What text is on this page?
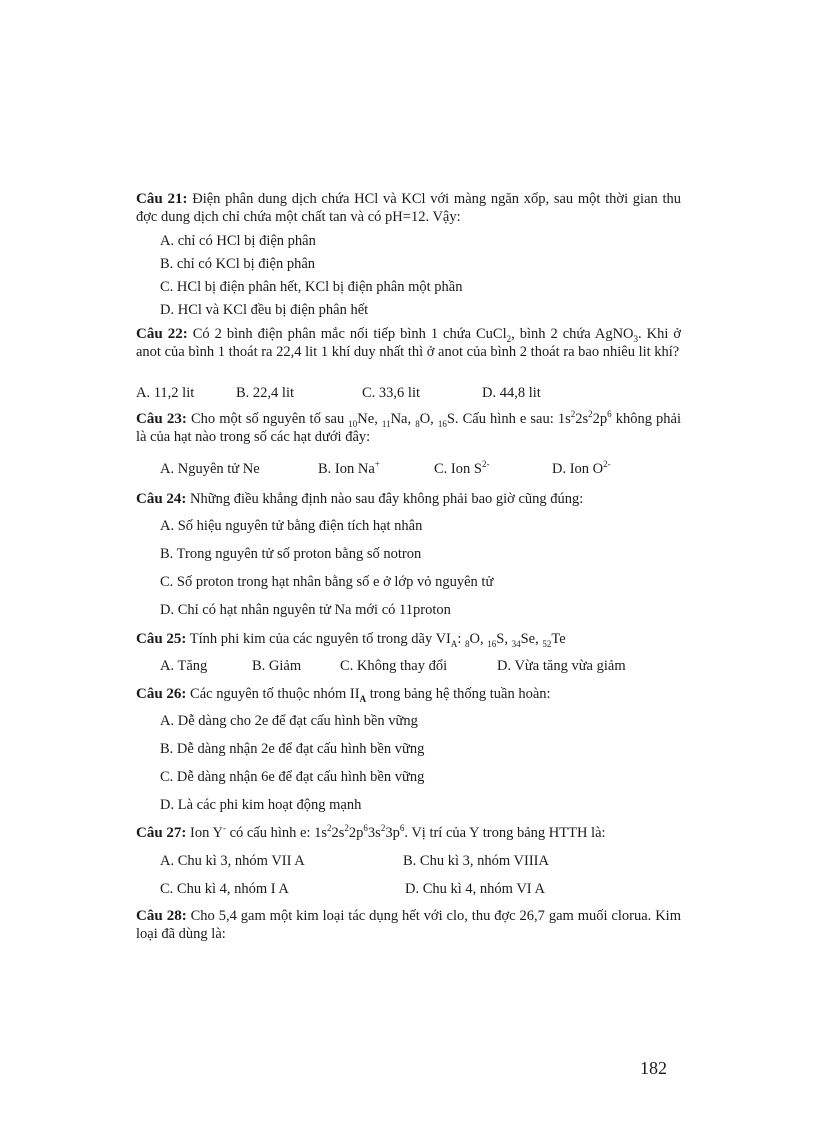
Câu 21: Điện phân dung dịch chứa HCl và KCl với màng ngăn xốp, sau một thời gian thu đợc dung dịch chỉ chứa một chất tan và có pH=12. Vậy:
A. chỉ có HCl bị điện phân
B. chỉ có KCl bị điện phân
C. HCl bị điện phân hết, KCl bị điện phân một phần
D. HCl và KCl đều bị điện phân hết
Câu 22: Có 2 bình điện phân mắc nối tiếp bình 1 chứa CuCl$_2$, bình 2 chứa AgNO$_3$. Khi ở anot của bình 1 thoát ra 22,4 lit 1 khí duy nhất thì ở anot của bình 2 thoát ra bao nhiêu lit khí?
A. 11,2 lit	B. 22,4 lit	C. 33,6 lit	D. 44,8 lit
Câu 23: Cho một số nguyên tố sau $_{10}$Ne, $_{11}$Na, $_8$O, $_{16}$S. Cấu hình e sau: $1s^22s^22p^6$ không phải là của hạt nào trong số các hạt dưới đây:
A. Nguyên tử Ne	B. Ion Na+	C. Ion $S^{2-}$	D. Ion $O^{2-}$
Câu 24: Những điều khẳng định nào sau đây không phải bao giờ cũng đúng:
A. Số hiệu nguyên tử bằng điện tích hạt nhân
B. Trong nguyên tử số proton bằng số notron
C. Số proton trong hạt nhân bằng số e ở lớp vỏ nguyên tử
D. Chỉ có hạt nhân nguyên tử Na mới có 11proton
Câu 25: Tính phi kim của các nguyên tố trong dãy $VI_A$: $_8$O, $_{16}$S, $_{34}$Se, $_{52}$Te
A. Tăng	B. Giảm	C. Không thay đổi	D. Vừa tăng vừa giảm
Câu 26: Các nguyên tố thuộc nhóm $II_A$ trong bảng hệ thống tuần hoàn:
A. Dễ dàng cho 2e để đạt cấu hình bền vững
B. Dễ dàng nhận 2e để đạt cấu hình bền vững
C. Dễ dàng nhận 6e để đạt cấu hình bền vững
D. Là các phi kim hoạt động mạnh
Câu 27: Ion Y- có cấu hình e: $1s^22s^22p^63s^23p^6$. Vị trí của Y trong bảng HTTH là:
A. Chu kì 3, nhóm VII A	B. Chu kì 3, nhóm VIIIA
C. Chu kì 4, nhóm I A	D. Chu kì 4, nhóm VI A
Câu 28: Cho 5,4 gam một kim loại tác dụng hết với clo, thu đợc 26,7 gam muối clorua. Kim loại đã dùng là:
182
